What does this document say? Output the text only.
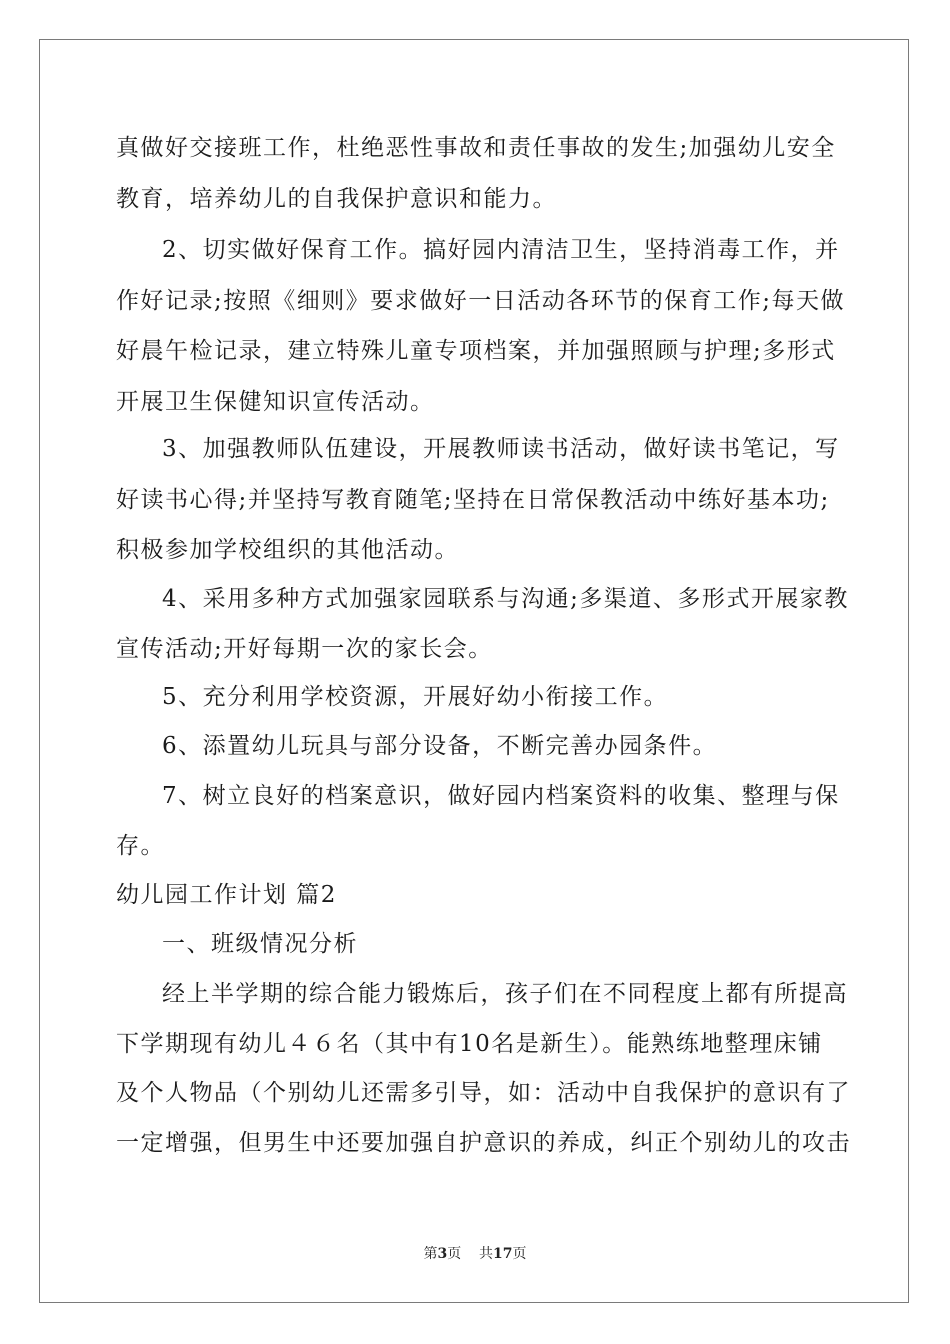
真做好交接班工作，杜绝恶性事故和责任事故的发生;加强幼儿安全
教育，培养幼儿的自我保护意识和能力。
2、切实做好保育工作。搞好园内清洁卫生，坚持消毒工作，并
作好记录;按照《细则》要求做好一日活动各环节的保育工作;每天做
好晨午检记录，建立特殊儿童专项档案，并加强照顾与护理;多形式
开展卫生保健知识宣传活动。
3、加强教师队伍建设，开展教师读书活动，做好读书笔记，写
好读书心得;并坚持写教育随笔;坚持在日常保教活动中练好基本功;
积极参加学校组织的其他活动。
4、采用多种方式加强家园联系与沟通;多渠道、多形式开展家教
宣传活动;开好每期一次的家长会。
5、充分利用学校资源，开展好幼小衔接工作。
6、添置幼儿玩具与部分设备，不断完善办园条件。
7、树立良好的档案意识，做好园内档案资料的收集、整理与保
存。
幼儿园工作计划 篇2
一、班级情况分析
经上半学期的综合能力锻炼后，孩子们在不同程度上都有所提高
下学期现有幼儿４６名（其中有10名是新生）。能熟练地整理床铺
及个人物品（个别幼儿还需多引导，如：活动中自我保护的意识有了
一定增强，但男生中还要加强自护意识的养成，纠正个别幼儿的攻击
第3页 共17页
